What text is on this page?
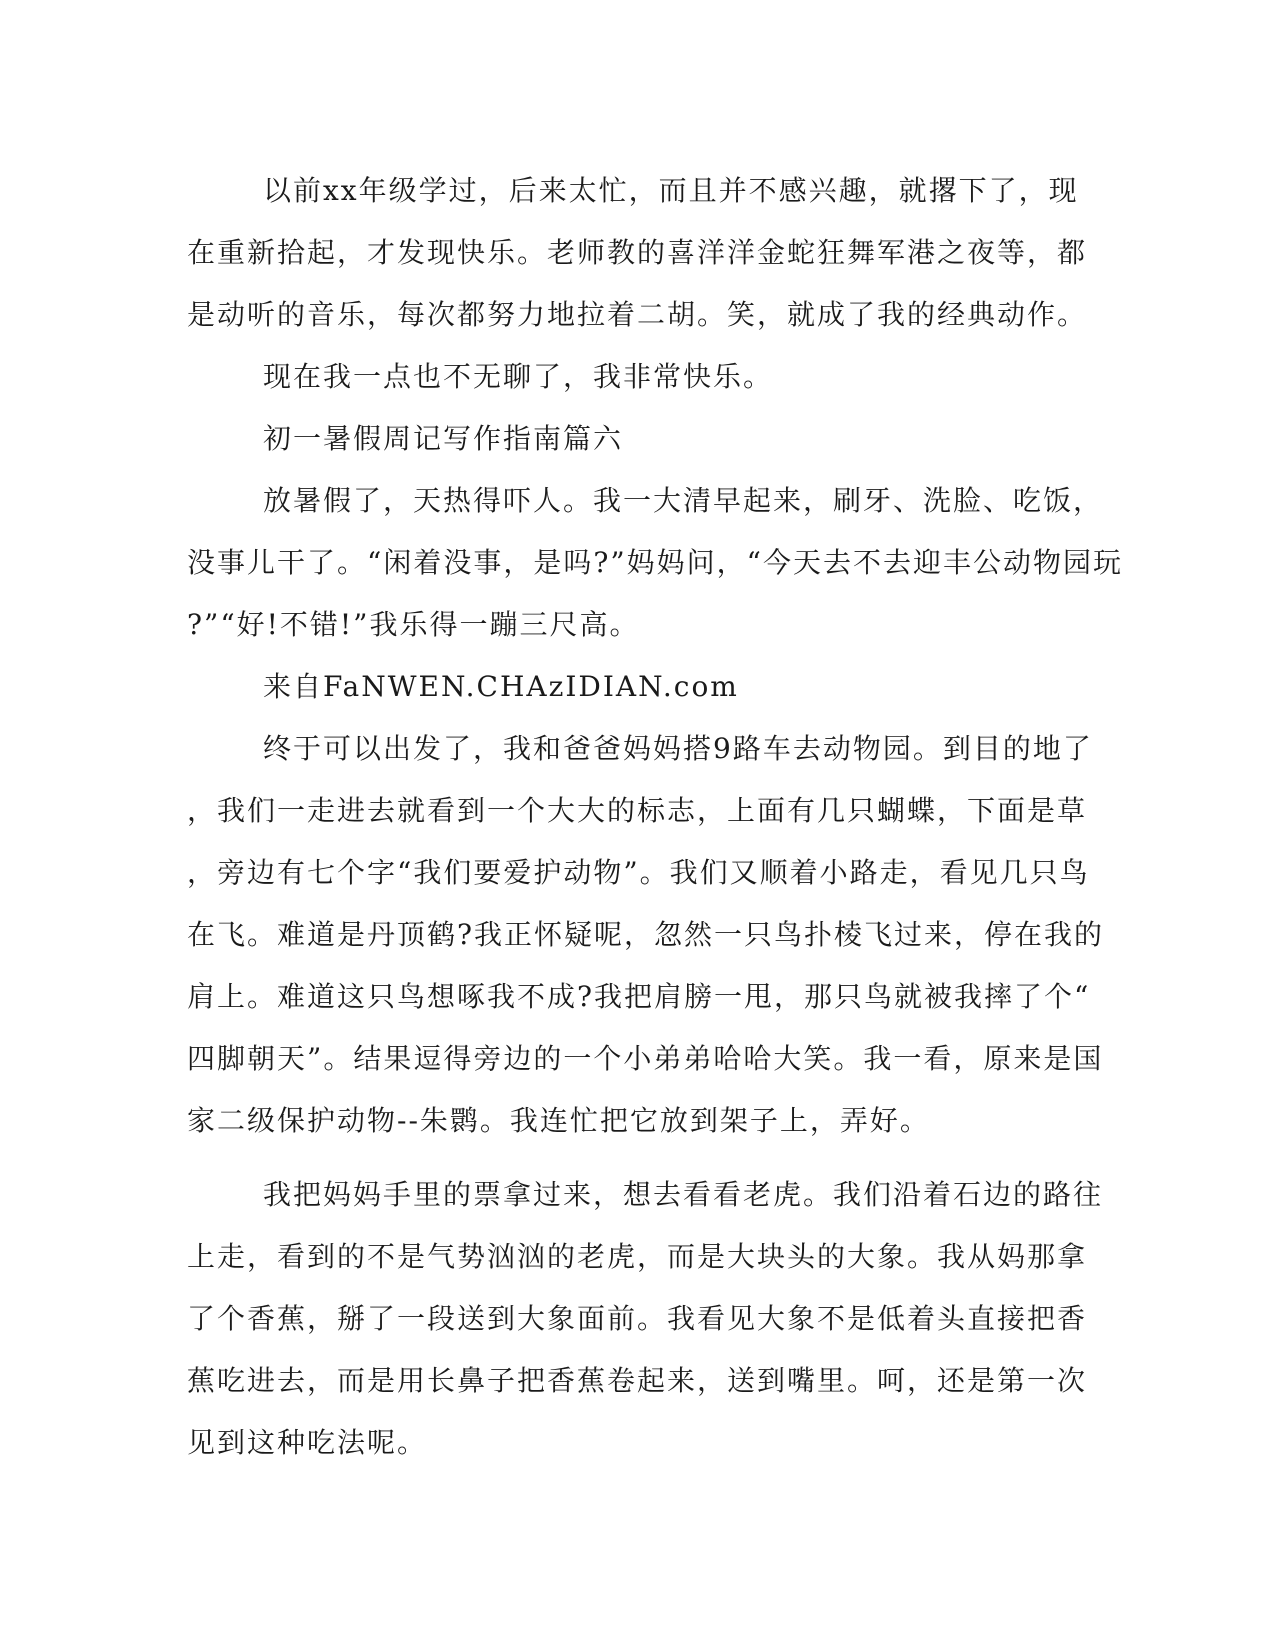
以前xx年级学过，后来太忙，而且并不感兴趣，就撂下了，现
在重新拾起，才发现快乐。老师教的喜洋洋金蛇狂舞军港之夜等，都
是动听的音乐，每次都努力地拉着二胡。笑，就成了我的经典动作。
现在我一点也不无聊了，我非常快乐。
初一暑假周记写作指南篇六
放暑假了，天热得吓人。我一大清早起来，刷牙、洗脸、吃饭，
没事儿干了。“闲着没事，是吗?”妈妈问，“今天去不去迎丰公动物园玩
?”“好!不错!”我乐得一蹦三尺高。
来自FaNWEN.CHAzIDIAN.com
终于可以出发了，我和爸爸妈妈搭9路车去动物园。到目的地了
，我们一走进去就看到一个大大的标志，上面有几只蝴蝶，下面是草
，旁边有七个字“我们要爱护动物”。我们又顺着小路走，看见几只鸟
在飞。难道是丹顶鹤?我正怀疑呢，忽然一只鸟扑棱飞过来，停在我的
肩上。难道这只鸟想啄我不成?我把肩膀一甩，那只鸟就被我摔了个“
四脚朝天”。结果逗得旁边的一个小弟弟哈哈大笑。我一看，原来是国
家二级保护动物--朱鹮。我连忙把它放到架子上，弄好。
我把妈妈手里的票拿过来，想去看看老虎。我们沿着石边的路往
上走，看到的不是气势汹汹的老虎，而是大块头的大象。我从妈那拿
了个香蕉，掰了一段送到大象面前。我看见大象不是低着头直接把香
蕉吃进去，而是用长鼻子把香蕉卷起来，送到嘴里。呵，还是第一次
见到这种吃法呢。
